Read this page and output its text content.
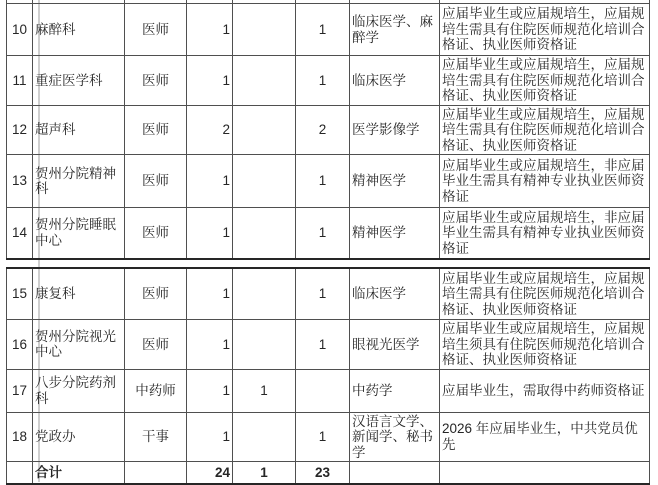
10	麻醉科	医师	1		1	临床医学、麻醉学	应届毕业生或应届规培生，应届规培生需具有住院医师规范化培训合格证、执业医师资格证
11	重症医学科	医师	1		1	临床医学	应届毕业生或应届规培生，应届规培生需具有住院医师规范化培训合格证、执业医师资格证
12	超声科	医师	2		2	医学影像学	应届毕业生或应届规培生，应届规培生需具有住院医师规范化培训合格证、执业医师资格证
13	贺州分院精神科	医师	1		1	精神医学	应届毕业生或应届规培生，非应届毕业生需具有精神专业执业医师资格证
14	贺州分院睡眠中心	医师	1		1	精神医学	应届毕业生或应届规培生，非应届毕业生需具有精神专业执业医师资格证
15	康复科	医师	1		1	临床医学	应届毕业生或应届规培生，应届规培生需具有住院医师规范化培训合格证、执业医师资格证
16	贺州分院视光中心	医师	1		1	眼视光医学	应届毕业生或应届规培生，应届规培生须具有住院医师规范化培训合格证、执业医师资格证
17	八步分院药剂科	中药师	1	1		中药学	应届毕业生，需取得中药师资格证
18	党政办	干事	1		1	汉语言文学、新闻学、秘书学	2026 年应届毕业生，中共党员优先
	合计		24	1	23		
